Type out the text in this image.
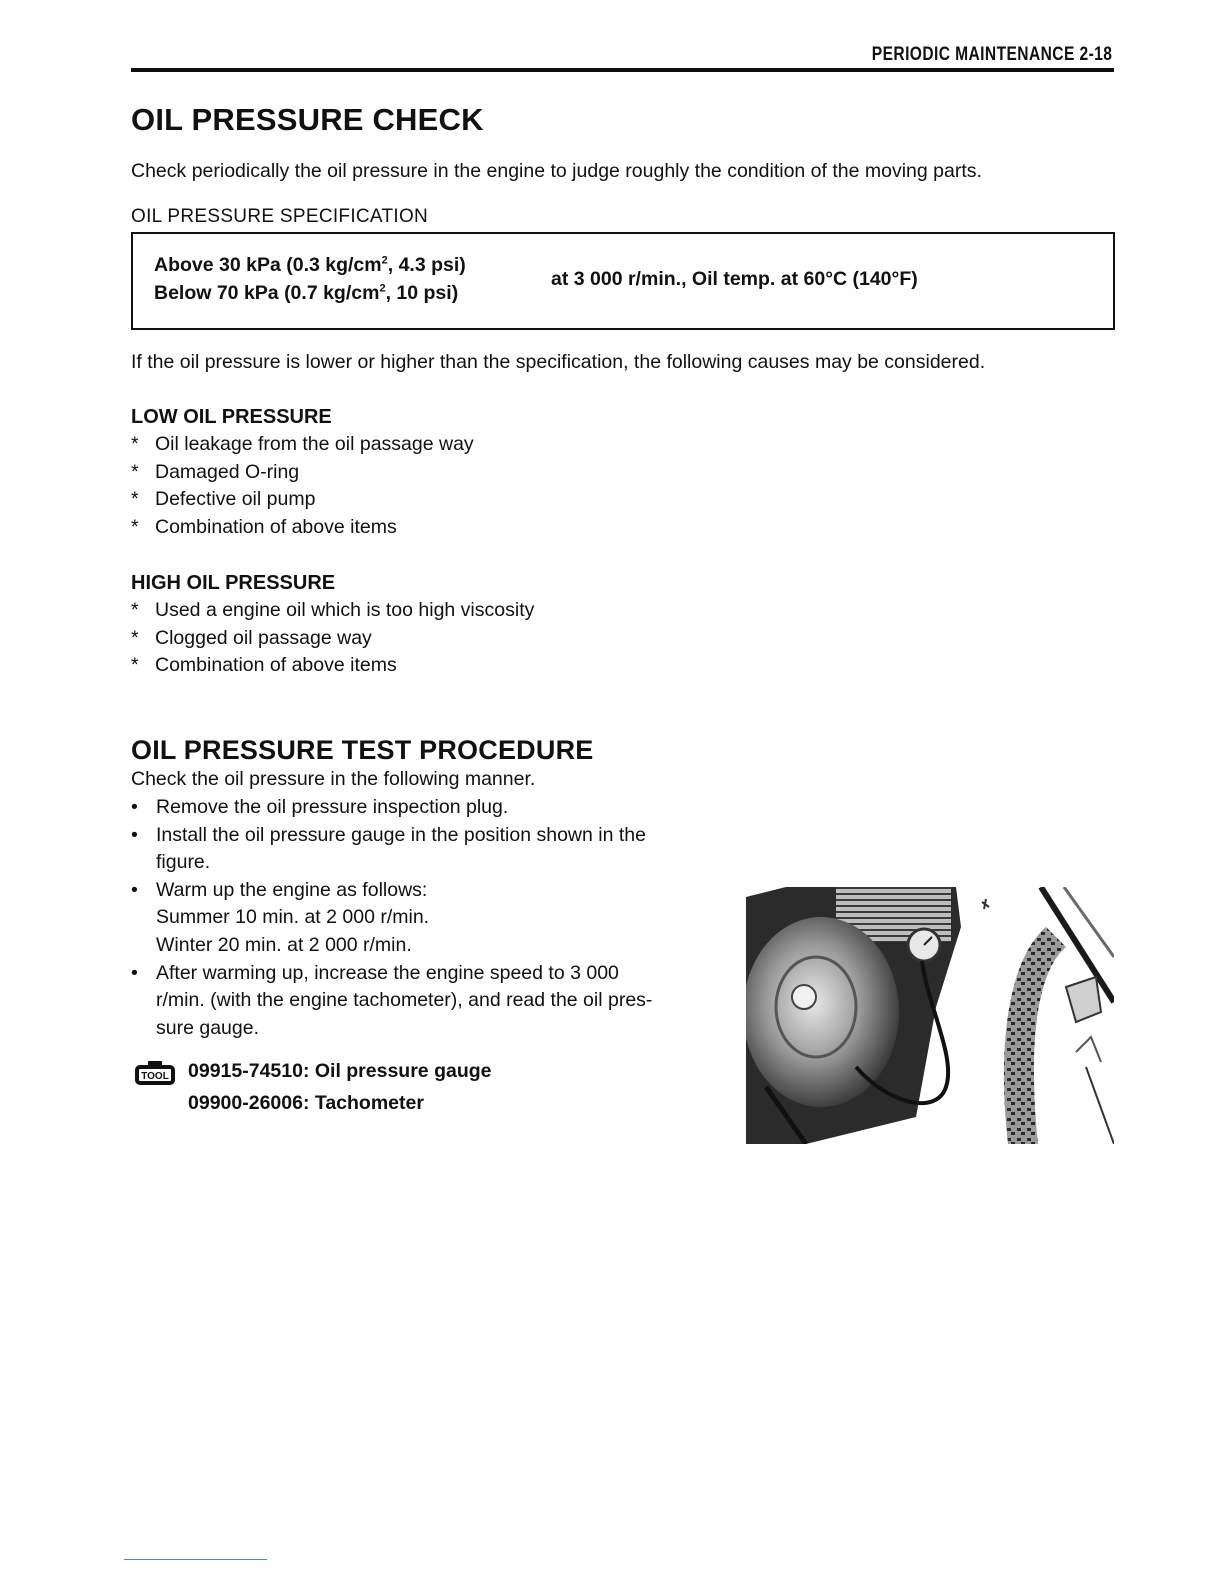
PERIODIC MAINTENANCE 2-18
OIL PRESSURE CHECK
Check periodically the oil pressure in the engine to judge roughly the condition of the moving parts.
OIL PRESSURE SPECIFICATION
Above 30 kPa (0.3 $kg/cm^2$, 4.3 psi)
Below 70 kPa (0.7 $kg/cm^2$, 10 psi)
at 3 000 r/min., Oil temp. at 60°C (140°F)
If the oil pressure is lower or higher than the specification, the following causes may be considered.
LOW OIL PRESSURE
* Oil leakage from the oil passage way
* Damaged O-ring
* Defective oil pump
* Combination of above items
HIGH OIL PRESSURE
* Used a engine oil which is too high viscosity
* Clogged oil passage way
* Combination of above items
OIL PRESSURE TEST PROCEDURE
Check the oil pressure in the following manner.
• Remove the oil pressure inspection plug.
• Install the oil pressure gauge in the position shown in the
figure.
• Warm up the engine as follows:
Summer 10 min. at 2 000 r/min.
Winter 20 min. at 2 000 r/min.
• After warming up, increase the engine speed to 3 000
r/min. (with the engine tachometer), and read the oil pres-
sure gauge.
TOOL 09915-74510: Oil pressure gauge
09900-26006: Tachometer
